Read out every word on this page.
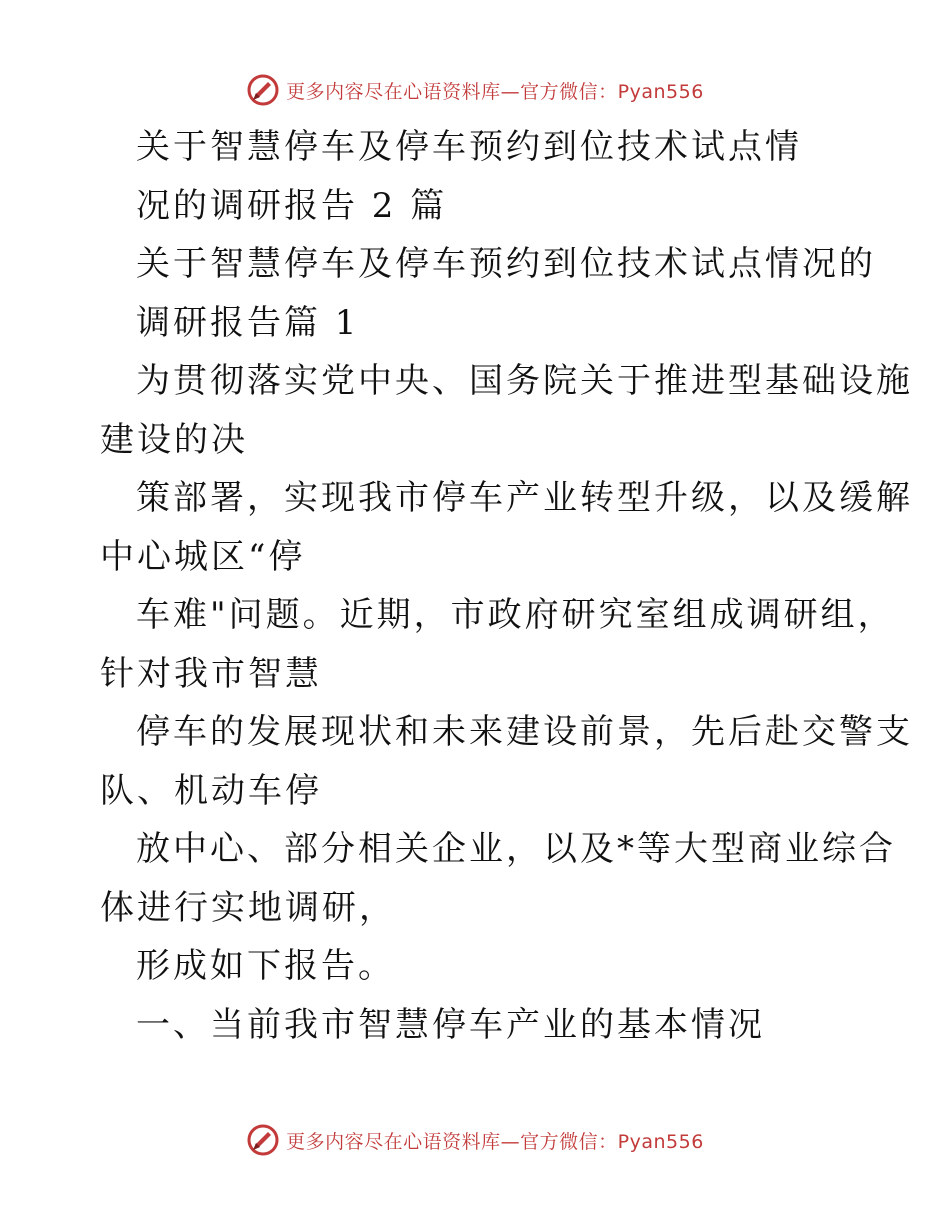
更多内容尽在心语资料库—官方微信：Pyan556
关于智慧停车及停车预约到位技术试点情
况的调研报告 2 篇
关于智慧停车及停车预约到位技术试点情况的
调研报告篇 1
为贯彻落实党中央、国务院关于推进型基础设施
建设的决
策部署，实现我市停车产业转型升级，以及缓解
中心城区“停
车难"问题。近期，市政府研究室组成调研组，
针对我市智慧
停车的发展现状和未来建设前景，先后赴交警支
队、机动车停
放中心、部分相关企业，以及*等大型商业综合
体进行实地调研，
形成如下报告。
一、当前我市智慧停车产业的基本情况
更多内容尽在心语资料库—官方微信：Pyan556
